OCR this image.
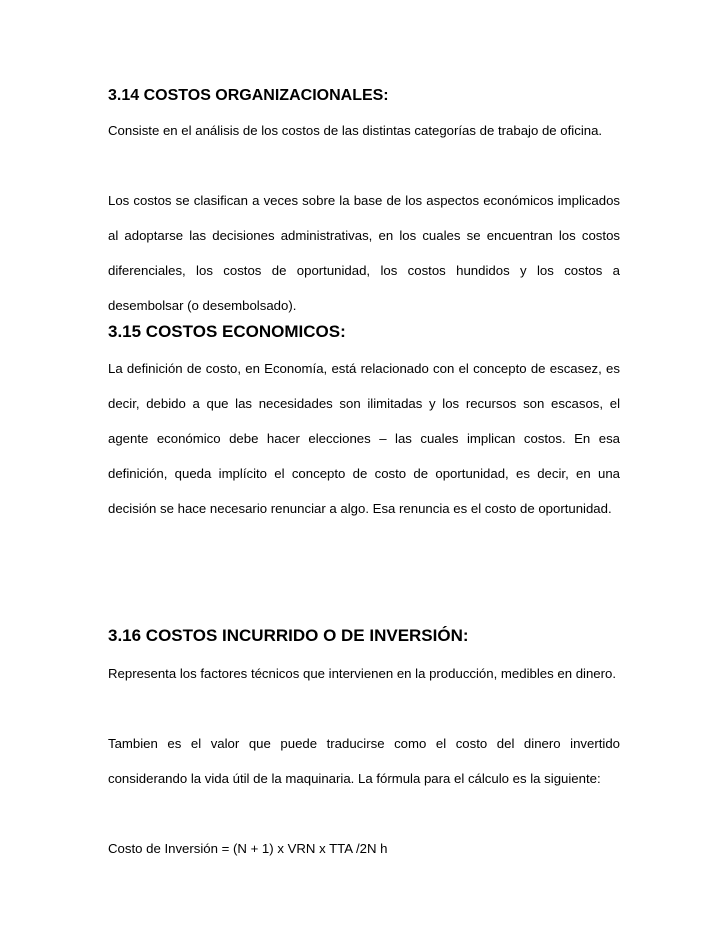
3.14 COSTOS ORGANIZACIONALES:

Consiste en el análisis de los costos de las distintas categorías de trabajo de oficina.

Los costos se clasifican a veces sobre la base de los aspectos económicos implicados al adoptarse las decisiones administrativas, en los cuales se encuentran los costos diferenciales, los costos de oportunidad, los costos hundidos y los costos a desembolsar (o desembolsado).

3.15 COSTOS ECONOMICOS:

La definición de costo, en Economía, está relacionado con el concepto de escasez, es decir, debido a que las necesidades son ilimitadas y los recursos son escasos, el agente económico debe hacer elecciones – las cuales implican costos. En esa definición, queda implícito el concepto de costo de oportunidad, es decir, en una decisión se hace necesario renunciar a algo. Esa renuncia es el costo de oportunidad.

3.16 COSTOS INCURRIDO O DE INVERSIÓN:

Representa los factores técnicos que intervienen en la producción, medibles en dinero.

Tambien es el valor que puede traducirse como el costo del dinero invertido considerando la vida útil de la maquinaria. La fórmula para el cálculo es la siguiente:

Costo de Inversión = (N + 1) x VRN x TTA /2N h
